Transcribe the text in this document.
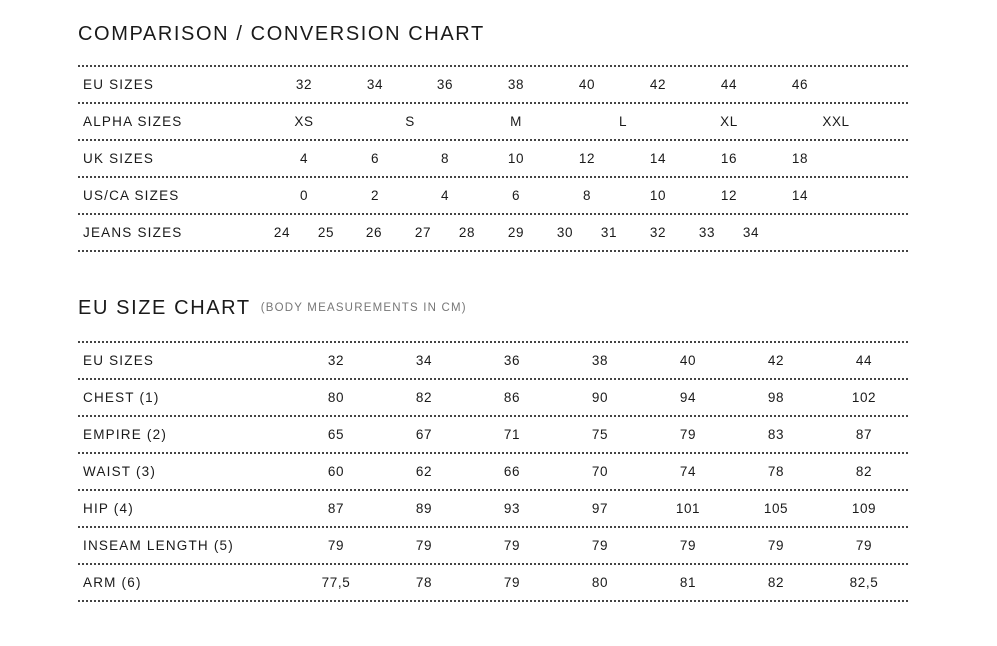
COMPARISON / CONVERSION CHART
EU SIZES	32	34	36	38	40	42	44	46
ALPHA SIZES	XS	S	M	L	XL	XXL
UK SIZES	4	6	8	10	12	14	16	18
US/CA SIZES	0	2	4	6	8	10	12	14
JEANS SIZES	24 25 26 27 28 29 30 31 32 33 34
EU SIZE CHART (BODY MEASUREMENTS IN CM)
EU SIZES	32	34	36	38	40	42	44
CHEST (1)	80	82	86	90	94	98	102
EMPIRE (2)	65	67	71	75	79	83	87
WAIST (3)	60	62	66	70	74	78	82
HIP (4)	87	89	93	97	101	105	109
INSEAM LENGTH (5)	79	79	79	79	79	79	79
ARM (6)	77,5	78	79	80	81	82	82,5
